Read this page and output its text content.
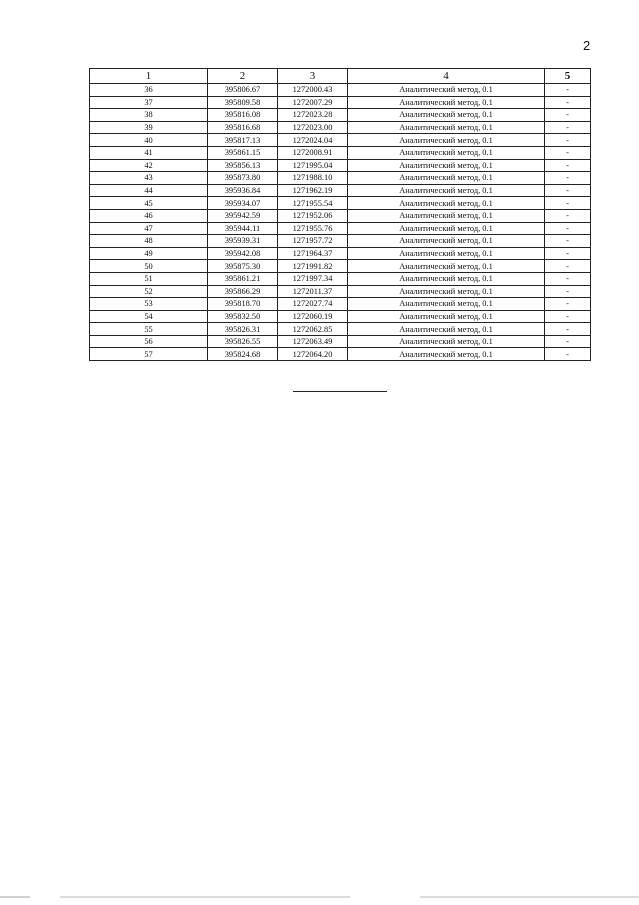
2
1	2	3	4	5
36	395806.67	1272000.43	Аналитический метод, 0.1	-
37	395809.58	1272007.29	Аналитический метод, 0.1	-
38	395816.08	1272023.28	Аналитический метод, 0.1	-
39	395816.68	1272023.00	Аналитический метод, 0.1	-
40	395817.13	1272024.04	Аналитический метод, 0.1	-
41	395861.15	1272008.91	Аналитический метод, 0.1	-
42	395856.13	1271995.04	Аналитический метод, 0.1	-
43	395873.80	1271988.10	Аналитический метод, 0.1	-
44	395936.84	1271962.19	Аналитический метод, 0.1	-
45	395934.07	1271955.54	Аналитический метод, 0.1	-
46	395942.59	1271952.06	Аналитический метод, 0.1	-
47	395944.11	1271955.76	Аналитический метод, 0.1	-
48	395939.31	1271957.72	Аналитический метод, 0.1	-
49	395942.08	1271964.37	Аналитический метод, 0.1	-
50	395875.30	1271991.82	Аналитический метод, 0.1	-
51	395861.21	1271997.34	Аналитический метод, 0.1	-
52	395866.29	1272011.37	Аналитический метод, 0.1	-
53	395818.70	1272027.74	Аналитический метод, 0.1	-
54	395832.50	1272060.19	Аналитический метод, 0.1	-
55	395826.31	1272062.85	Аналитический метод, 0.1	-
56	395826.55	1272063.49	Аналитический метод, 0.1	-
57	395824.68	1272064.20	Аналитический метод, 0.1	-
